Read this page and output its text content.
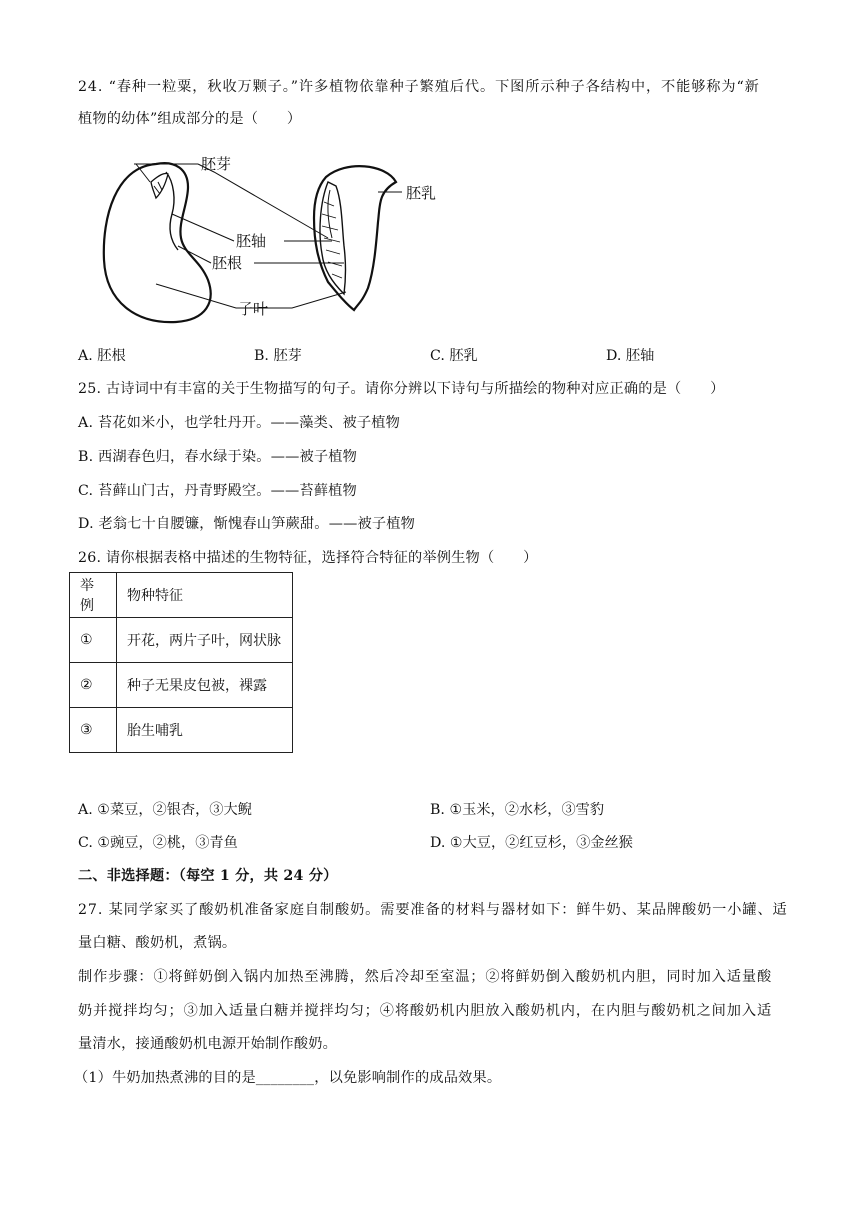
24. “春种一粒粟，秋收万颗子。”许多植物依靠种子繁殖后代。下图所示种子各结构中，不能够称为“新
植物的幼体”组成部分的是（　　）
胚芽
胚乳
胚轴
胚根
子叶
A. 胚根	B. 胚芽	C. 胚乳	D. 胚轴
25. 古诗词中有丰富的关于生物描写的句子。请你分辨以下诗句与所描绘的物种对应正确的是（　　）
A. 苔花如米小，也学牡丹开。——藻类、被子植物
B. 西湖春色归，春水绿于染。——被子植物
C. 苔藓山门古，丹青野殿空。——苔藓植物
D. 老翁七十自腰镰，惭愧春山笋蕨甜。——被子植物
26. 请你根据表格中描述的生物特征，选择符合特征的举例生物（　　）
举例	物种特征
①	开花，两片子叶，网状脉
②	种子无果皮包被，裸露
③	胎生哺乳
A. ①菜豆，②银杏，③大鲵	B. ①玉米，②水杉，③雪豹
C. ①豌豆，②桃，③青鱼	D. ①大豆，②红豆杉，③金丝猴
二、非选择题：（每空 1 分，共 24 分）
27. 某同学家买了酸奶机准备家庭自制酸奶。需要准备的材料与器材如下：鲜牛奶、某品牌酸奶一小罐、适
量白糖、酸奶机，煮锅。
制作步骤：①将鲜奶倒入锅内加热至沸腾，然后冷却至室温；②将鲜奶倒入酸奶机内胆，同时加入适量酸
奶并搅拌均匀；③加入适量白糖并搅拌均匀；④将酸奶机内胆放入酸奶机内，在内胆与酸奶机之间加入适
量清水，接通酸奶机电源开始制作酸奶。
（1）牛奶加热煮沸的目的是________，以免影响制作的成品效果。
